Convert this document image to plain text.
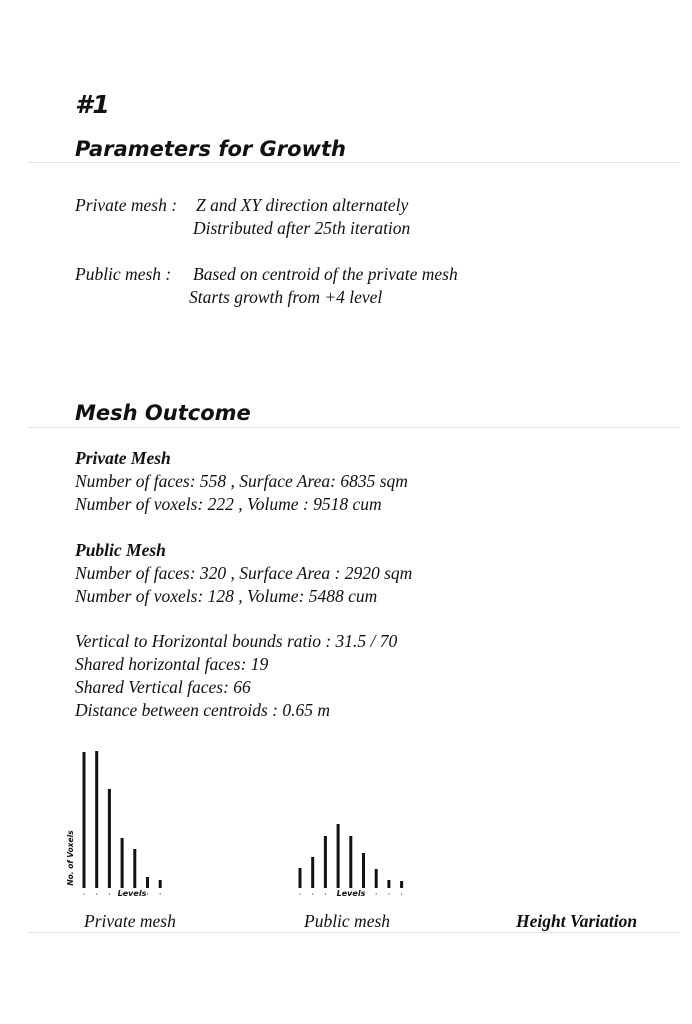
#1
Parameters for Growth
Private mesh : Z and XY direction alternately
Distributed after 25th iteration
Public mesh : Based on centroid of the private mesh
Starts growth from +4 level
Mesh Outcome
Private Mesh
Number of faces: 558 , Surface Area: 6835 sqm
Number of voxels: 222 , Volume : 9518 cum
Public Mesh
Number of faces: 320 , Surface Area : 2920 sqm
Number of voxels: 128 , Volume: 5488 cum
Vertical to Horizontal bounds ratio : 31.5 / 70
Shared horizontal faces: 19
Shared Vertical faces: 66
Distance between centroids : 0.65 m
No. of Voxels
Levels	Levels
Private mesh	Public mesh	Height Variation
